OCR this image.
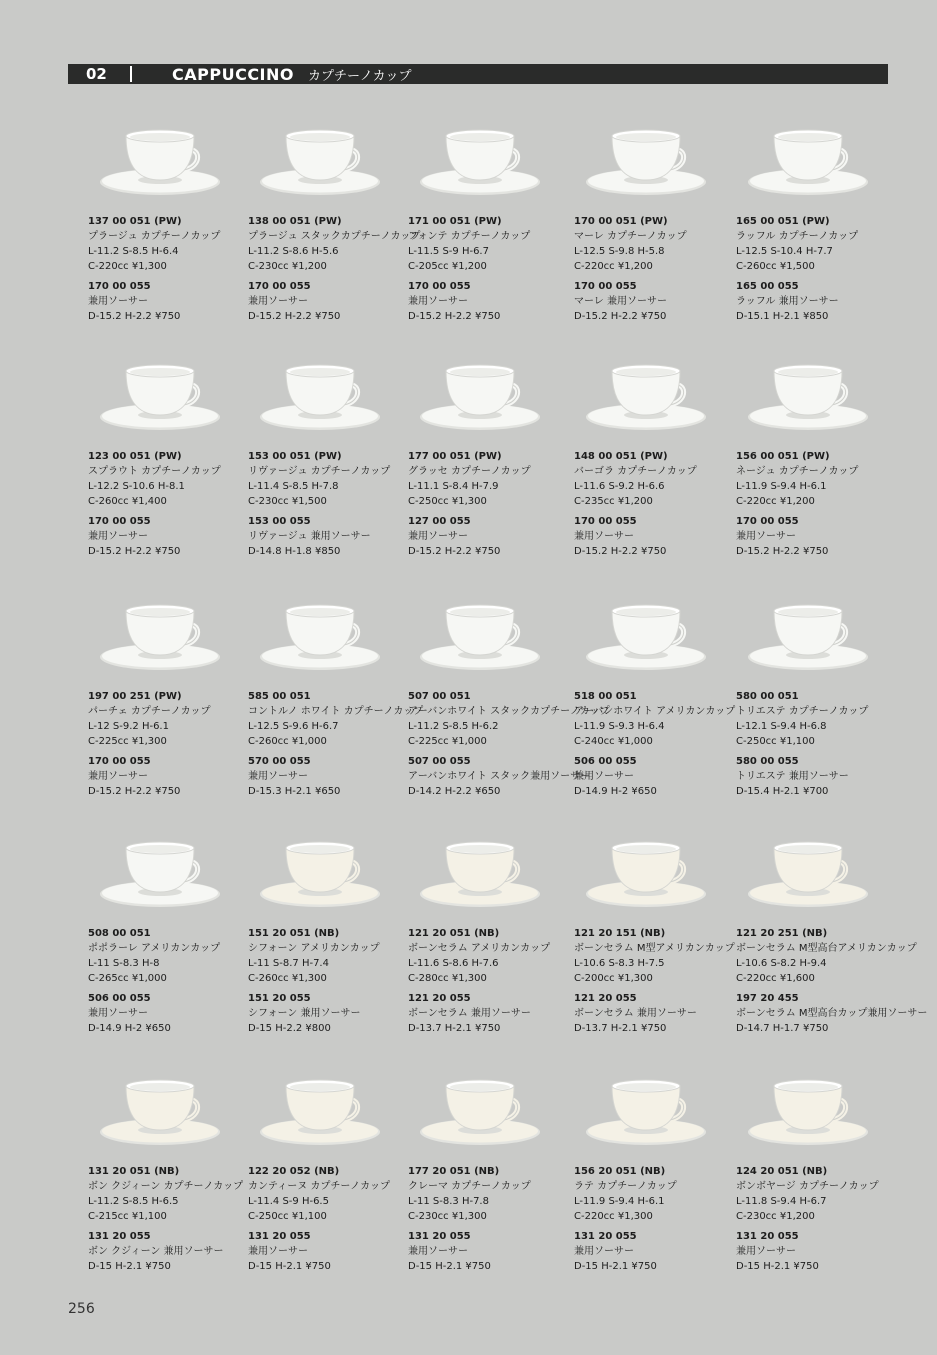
02	CAPPUCCINO カプチーノカップ
137 00 051 (PW)
プラージュ カプチーノカップ
L-11.2 S-8.5 H-6.4
C-220cc ¥1,300
170 00 055
兼用ソーサー
D-15.2 H-2.2 ¥750
138 00 051 (PW)
プラージュ スタックカプチーノカップ
L-11.2 S-8.6 H-5.6
C-230cc ¥1,200
170 00 055
兼用ソーサー
D-15.2 H-2.2 ¥750
171 00 051 (PW)
フォンテ カプチーノカップ
L-11.5 S-9 H-6.7
C-205cc ¥1,200
170 00 055
兼用ソーサー
D-15.2 H-2.2 ¥750
170 00 051 (PW)
マーレ カプチーノカップ
L-12.5 S-9.8 H-5.8
C-220cc ¥1,200
170 00 055
マーレ 兼用ソーサー
D-15.2 H-2.2 ¥750
165 00 051 (PW)
ラッフル カプチーノカップ
L-12.5 S-10.4 H-7.7
C-260cc ¥1,500
165 00 055
ラッフル 兼用ソーサー
D-15.1 H-2.1 ¥850
123 00 051 (PW)
スプラウト カプチーノカップ
L-12.2 S-10.6 H-8.1
C-260cc ¥1,400
170 00 055
兼用ソーサー
D-15.2 H-2.2 ¥750
153 00 051 (PW)
リヴァージュ カプチーノカップ
L-11.4 S-8.5 H-7.8
C-230cc ¥1,500
153 00 055
リヴァージュ 兼用ソーサー
D-14.8 H-1.8 ¥850
177 00 051 (PW)
グラッセ カプチーノカップ
L-11.1 S-8.4 H-7.9
C-250cc ¥1,300
127 00 055
兼用ソーサー
D-15.2 H-2.2 ¥750
148 00 051 (PW)
バーゴラ カプチーノカップ
L-11.6 S-9.2 H-6.6
C-235cc ¥1,200
170 00 055
兼用ソーサー
D-15.2 H-2.2 ¥750
156 00 051 (PW)
ネージュ カプチーノカップ
L-11.9 S-9.4 H-6.1
C-220cc ¥1,200
170 00 055
兼用ソーサー
D-15.2 H-2.2 ¥750
197 00 251 (PW)
パーチェ カプチーノカップ
L-12 S-9.2 H-6.1
C-225cc ¥1,300
170 00 055
兼用ソーサー
D-15.2 H-2.2 ¥750
585 00 051
コントルノ ホワイト カプチーノカップ
L-12.5 S-9.6 H-6.7
C-260cc ¥1,000
570 00 055
兼用ソーサー
D-15.3 H-2.1 ¥650
507 00 051
アーバンホワイト スタックカプチーノカップ
L-11.2 S-8.5 H-6.2
C-225cc ¥1,000
507 00 055
アーバンホワイト スタック兼用ソーサー
D-14.2 H-2.2 ¥650
518 00 051
アーバンホワイト アメリカンカップ
L-11.9 S-9.3 H-6.4
C-240cc ¥1,000
506 00 055
兼用ソーサー
D-14.9 H-2 ¥650
580 00 051
トリエステ カプチーノカップ
L-12.1 S-9.4 H-6.8
C-250cc ¥1,100
580 00 055
トリエステ 兼用ソーサー
D-15.4 H-2.1 ¥700
508 00 051
ポポラーレ アメリカンカップ
L-11 S-8.3 H-8
C-265cc ¥1,000
506 00 055
兼用ソーサー
D-14.9 H-2 ¥650
151 20 051 (NB)
シフォーン アメリカンカップ
L-11 S-8.7 H-7.4
C-260cc ¥1,300
151 20 055
シフォーン 兼用ソーサー
D-15 H-2.2 ¥800
121 20 051 (NB)
ボーンセラム アメリカンカップ
L-11.6 S-8.6 H-7.6
C-280cc ¥1,300
121 20 055
ボーンセラム 兼用ソーサー
D-13.7 H-2.1 ¥750
121 20 151 (NB)
ボーンセラム M型アメリカンカップ
L-10.6 S-8.3 H-7.5
C-200cc ¥1,300
121 20 055
ボーンセラム 兼用ソーサー
D-13.7 H-2.1 ¥750
121 20 251 (NB)
ボーンセラム M型高台アメリカンカップ
L-10.6 S-8.2 H-9.4
C-220cc ¥1,600
197 20 455
ボーンセラム M型高台カップ兼用ソーサー
D-14.7 H-1.7 ¥750
131 20 051 (NB)
ボン クジィーン カプチーノカップ
L-11.2 S-8.5 H-6.5
C-215cc ¥1,100
131 20 055
ボン クジィーン 兼用ソーサー
D-15 H-2.1 ¥750
122 20 052 (NB)
カンティーヌ カプチーノカップ
L-11.4 S-9 H-6.5
C-250cc ¥1,100
131 20 055
兼用ソーサー
D-15 H-2.1 ¥750
177 20 051 (NB)
クレーマ カプチーノカップ
L-11 S-8.3 H-7.8
C-230cc ¥1,300
131 20 055
兼用ソーサー
D-15 H-2.1 ¥750
156 20 051 (NB)
ラテ カプチーノカップ
L-11.9 S-9.4 H-6.1
C-220cc ¥1,300
131 20 055
兼用ソーサー
D-15 H-2.1 ¥750
124 20 051 (NB)
ボンボヤージ カプチーノカップ
L-11.8 S-9.4 H-6.7
C-230cc ¥1,200
131 20 055
兼用ソーサー
D-15 H-2.1 ¥750
256
